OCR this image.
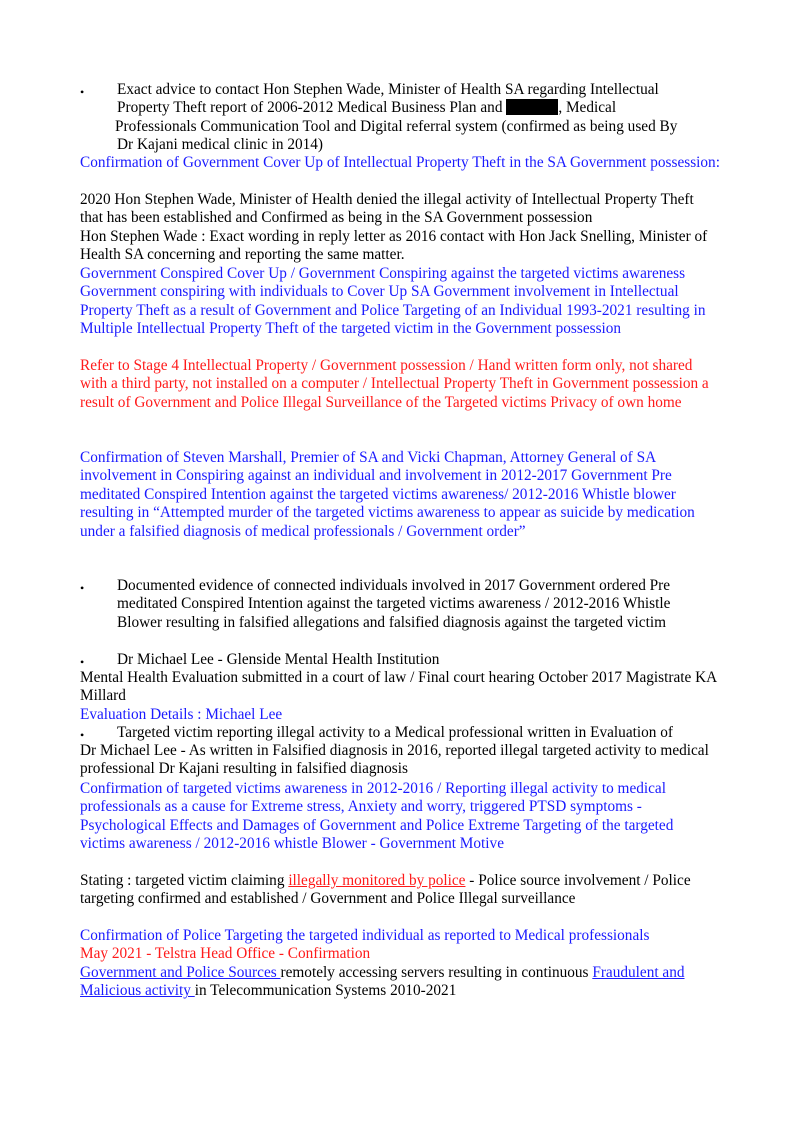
• Exact advice to contact Hon Stephen Wade, Minister of Health SA regarding Intellectual
Property Theft report of 2006-2012 Medical Business Plan and	, Medical
Professionals Communication Tool and Digital referral system (confirmed as being used By
Dr Kajani medical clinic in 2014)

Confirmation of Government Cover Up of Intellectual Property Theft in the SA Government possession:

2020 Hon Stephen Wade, Minister of Health denied the illegal activity of Intellectual Property Theft that has been established and Confirmed as being in the SA Government possession

Hon Stephen Wade : Exact wording in reply letter as 2016 contact with Hon Jack Snelling, Minister of Health SA concerning and reporting the same matter.

Government Conspired Cover Up / Government Conspiring against the targeted victims awareness Government conspiring with individuals to Cover Up SA Government involvement in Intellectual Property Theft as a result of Government and Police Targeting of an Individual 1993-2021 resulting in Multiple Intellectual Property Theft of the targeted victim in the Government possession

Refer to Stage 4 Intellectual Property / Government possession / Hand written form only, not shared with a third party, not installed on a computer / Intellectual Property Theft in Government possession a result of Government and Police Illegal Surveillance of the Targeted victims Privacy of own home

Confirmation of Steven Marshall, Premier of SA and Vicki Chapman, Attorney General of SA involvement in Conspiring against an individual and involvement in 2012-2017 Government Pre meditated Conspired Intention against the targeted victims awareness/ 2012-2016 Whistle blower resulting in “Attempted murder of the targeted victims awareness to appear as suicide by medication under a falsified diagnosis of medical professionals / Government order”

• Documented evidence of connected individuals involved in 2017 Government ordered Pre
meditated Conspired Intention against the targeted victims awareness / 2012-2016 Whistle
Blower resulting in falsified allegations and falsified diagnosis against the targeted victim
• Dr Michael Lee - Glenside Mental Health Institution

Mental Health Evaluation submitted in a court of law / Final court hearing October 2017 Magistrate KA Millard

Evaluation Details : Michael Lee

• Targeted victim reporting illegal activity to a Medical professional written in Evaluation of

Dr Michael Lee - As written in Falsified diagnosis in 2016, reported illegal targeted activity to medical professional Dr Kajani resulting in falsified diagnosis

Confirmation of targeted victims awareness in 2012-2016 / Reporting illegal activity to medical professionals as a cause for Extreme stress, Anxiety and worry, triggered PTSD symptoms - Psychological Effects and Damages of Government and Police Extreme Targeting of the targeted victims awareness / 2012-2016 whistle Blower - Government Motive

Stating : targeted victim claiming illegally monitored by police - Police source involvement / Police targeting confirmed and established / Government and Police Illegal surveillance

Confirmation of Police Targeting the targeted individual as reported to Medical professionals

May 2021 - Telstra Head Office - Confirmation

Government and Police Sources remotely accessing servers resulting in continuous Fraudulent and Malicious activity in Telecommunication Systems 2010-2021
